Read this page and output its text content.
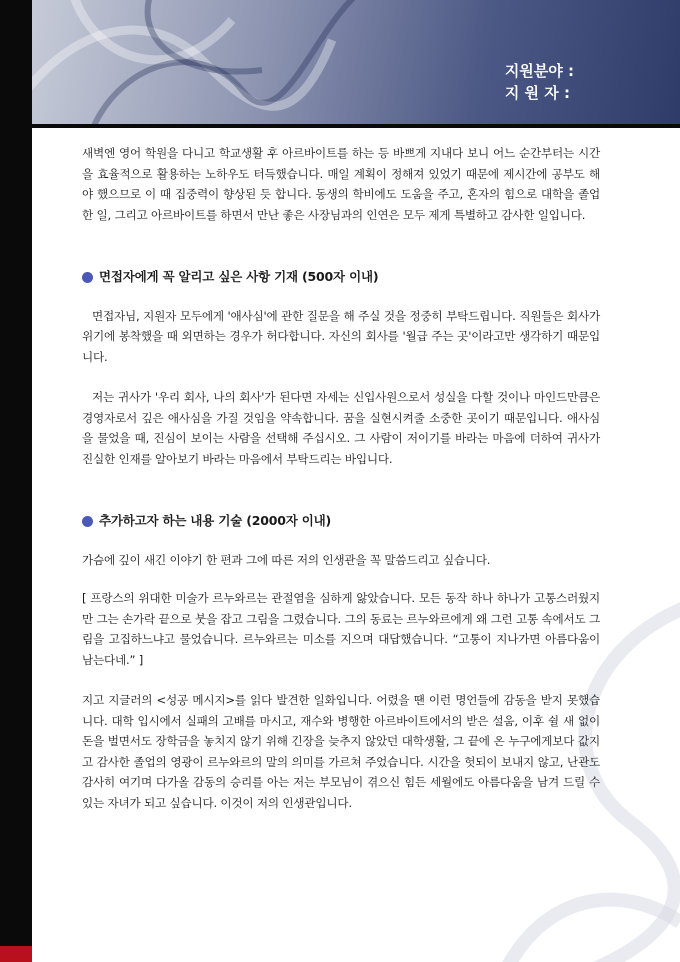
지원분야 :
지 원 자 :

새벽엔 영어 학원을 다니고 학교생활 후 아르바이트를 하는 등 바쁘게 지내다 보니 어느 순간부터는 시간을 효율적으로 활용하는 노하우도 터득했습니다. 매일 계획이 정해져 있었기 때문에 제시간에 공부도 해야 했으므로 이 때 집중력이 향상된 듯 합니다. 동생의 학비에도 도움을 주고, 혼자의 힘으로 대학을 졸업한 일, 그리고 아르바이트를 하면서 만난 좋은 사장님과의 인연은 모두 제게 특별하고 감사한 일입니다.

면접자에게 꼭 알리고 싶은 사항 기재 (500자 이내)

면접자님, 지원자 모두에게 '애사심'에 관한 질문을 해 주실 것을 정중히 부탁드립니다. 직원들은 회사가 위기에 봉착했을 때 외면하는 경우가 허다합니다. 자신의 회사를 '월급 주는 곳'이라고만 생각하기 때문입니다.

저는 귀사가 '우리 회사, 나의 회사'가 된다면 자세는 신입사원으로서 성실을 다할 것이나 마인드만큼은 경영자로서 깊은 애사심을 가질 것임을 약속합니다. 꿈을 실현시켜줄 소중한 곳이기 때문입니다. 애사심을 물었을 때, 진심이 보이는 사람을 선택해 주십시오. 그 사람이 저이기를 바라는 마음에 더하여 귀사가 진실한 인재를 알아보기 바라는 마음에서 부탁드리는 바입니다.

추가하고자 하는 내용 기술 (2000자 이내)

가슴에 깊이 새긴 이야기 한 편과 그에 따른 저의 인생관을 꼭 말씀드리고 싶습니다.

[ 프랑스의 위대한 미술가 르누와르는 관절염을 심하게 앓았습니다. 모든 동작 하나 하나가 고통스러웠지만 그는 손가락 끝으로 붓을 잡고 그림을 그렸습니다. 그의 동료는 르누와르에게 왜 그런 고통 속에서도 그림을 고집하느냐고 물었습니다. 르누와르는 미소를 지으며 대답했습니다. “고통이 지나가면 아름다움이 남는다네.” ]

지고 지글러의 <성공 메시지>를 읽다 발견한 일화입니다. 어렸을 땐 이런 명언들에 감동을 받지 못했습니다. 대학 입시에서 실패의 고배를 마시고, 재수와 병행한 아르바이트에서의 받은 설움, 이후 쉴 새 없이 돈을 벌면서도 장학금을 놓치지 않기 위해 긴장을 늦추지 않았던 대학생활, 그 끝에 온 누구에게보다 값지고 감사한 졸업의 영광이 르누와르의 말의 의미를 가르쳐 주었습니다. 시간을 헛되이 보내지 않고, 난관도 감사히 여기며 다가올 감동의 승리를 아는 저는 부모님이 겪으신 힘든 세월에도 아름다움을 남겨 드릴 수 있는 자녀가 되고 싶습니다. 이것이 저의 인생관입니다.
